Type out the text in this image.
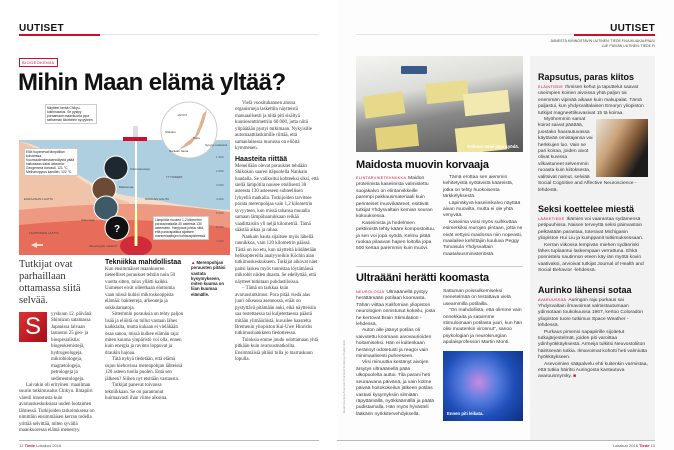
UUTISET
BIOGEOKEMIA
Mihin Maan elämä yltää?
?
JAPANI
Shikoku
Tokio
Nankain hauta
Syvyys metreinä
1 000
2 000
3 000
4 000
5 000
6 000
7 000
TYYNIMERI
NANKAIN HAUTA
EURAASIAN LAATTA
FILIPPIINIEN LAATTA
Sukkulamatoja
Bakteereja
Arkeoneja
Menestyykö mikään?
Näytteet kerää Chikyu-tutkimusalus. Se pystyy poraamaan maankuorta jopa seitsemän kilometrin syvyyteen.
Eliöt hupenevat lämpötilan kohotessa. Kuumuudenkestoennätystä pitää hallussaan kaksi arkeonia: Geogemma barossii, 121 °C, Methanopyrus kandleri, 122 °C.
Lämpötila nousee 1,2 kilometrin porausmatkalla 30 asteesta 130 asteeseen. Harppaus johtuu siitä, että porauspaikka sijaitsee mannerlaattojen kohtauspisteessä.
Tutkijat ovat parhaillaan ottamassa siitä selvää.
S	yyskuun 12. päivänä Shimizun satamassa Japanissa laivaan lastautui 25 geo- ja biospesialistia: biogeokemistejä, hydrogeologeja, mikrobiologeja, magnetologeja, petrologeja ja sedimentologeja.

Laivakin oli erityinen: maailman suurin tutkimusalus Chikyu. Ilmapiiri väreili innostusta kuin avaruuskeskuksissa uuden luotaimen lähtiessä. Tutkijoiden tarkoituksena on nimittäin ensimmäisen kerran todella yrittää selvittää, miten syvällä maankuoressa elämä menestyy.

Tekniikka mahdollistaa

Kun ensimmäiset maankuoren tieteelliset poraukset tehtiin noin 50 vuotta sitten, tulos yllätti kaikki. Uumenet eivät olleetkaan elottomia vaan niissä kuhisi mikroskooppista elämää: bakteereja, arkeoneja ja sukkulamatoja.

Sittemmin porauksia on tehty paljon lisää ja eliöitä on tullut vastaan lähes kaikkialta, mutta kukaan ei vieläkään osaa sanoa, missä kulkee elämän raja: miten kuuma ympäristö voi olla, ennen kuin energia ja ravinto loppuvat ja draukin hajoaa.

Tätä nykyä tiedetään, että elämä sujuu kiehuvissa merenpohjan lähteissä 120 asteen tuolla puolen. Entä sen jälkeen? Siihen nyt etsitään vastausta.

Tutkijat panevat toivonsa tekniikkaan. Se on parantunut huimaavasti ihan viime aikoina.

▲ Merenpohjan porausten pitäisi vastata kysymykseen, miten kuuma on liian kuumaa elämälle.

Vielä vuosituhannen alussa organismeja laskettiin näytteistä manuaalisesti ja niitä piti sisältyä kuutiosenttimetriin 60 000, jotta niitä ylipäätään pystyi tutkimaan. Nykyisille automaattilaskimille riittää, että samanlaisessa murussa on eliöitä kymmenen.

Haasteita riittää

Meneillään olevat poraukset tehdään Shikokun saaren itäpuolella Nankain haudalla. Se valikoitui kohteeksi siksi, että siellä lämpötila nousee otollisesti 30 asteesta 130 asteeseen suhteellisen lyhyellä matkalla. Tutkijoiden tarvitsee porata merenpohjaa vain 1,2 kilometrin syvyyteen, kun missä tahansa muualla samaan lämpöhaarukkaan reikää vaadittaisiin yli neljä kilometriä. Tämä säästää aikaa ja rahaa.

Nankain hauta sijaitsee myös lähellä rannikkoa, vain 120 kilometrin päässä. Tästä on iso etu, kun näytteitä kiidätetään helikoptereilla analyyseihin Köchin alan tutkimuskeskukseen. Tutkijat aikovat näet paitsi laskea myös tunnistaa löytämänsä mikrobit niiden dnasta. Se edellyttää, että näytteet tutkitaan puhdastiloissa.

– Tämä on tarkkaa kuin avaruustutkimus. Pora pitää viedä alas juuri oikeassa asennossa, eräät on pystyttävä pitämään auki, eikä näytteisiin saa tostettaessa tai kuljetettaessa päästä mitään ylimääräistä, kuvailee haastelta Bremenin yliopiston Kai-Uwe Hinrichs tutkimushankkeen tiedotteessa.

Tuloksia emme joudu odottamaan yhtä pitkään kuin avaruusmatkoilta. Ensimmäisiä pitäisi tulla jo marraskuun lopulla.

12 Tiede Lokakuu 2016
UUTISET
ÄÄNESTÄ KIINNOSTAVIN UUTINEN: TIEDE.FI/UUKUUKAUPAUU
LUE PÄIVÄN UUTINEN: TIEDE.FI
Kelmun voisi jopa syödä.
Maidosta muovin korvaaja

ELINTARVIKETEKNIIKKA Maidon proteiinista kaseiinista valmistettu suojakalvo on elintarvikkeille parempi pakkausmateriaali kuin perinteiset muovikääreet, esittivät tutkijat Yhdysvaltain kemian seuran kokouksessa.

Kaseiinista ja hedelmien pektiinistä tehty kääre kompostoituu, ja sen voi jopa syödä. Kelmu pitää ruokaa pilaavan hapen loitolla jopa 500 kertaa paremmin kuin muovi.

Tämä erottaa sen aiemmin kehitetyistä syötävistä kääreistä, jotka on tehty huokoisesta tärkkelyksestä.

Läpinäkyvä kaseiinikalvo näyttää aivan muovilta, mutta ei ole yhtä venyvää.

Kaseiinia voisi myös suihkuttaa esimerkiksi murojen pintaan, jotta ne eivät vettyisi maidossa niin nopeasti, maalailee kehittäjiin kuuluva Peggy Tomasula Yhdysvaltain maatalousministeriöstä.

Ultraääni herätti koomasta
Kuvat Courtesy American Chemical Society ja Shutterstock

NEUROLOGIA Ultraäänellä pystyy herättämään potilaan koomasta. Tähän viittaa Kalifornian yliopiston neurologien onnistunut kokeilu, josta he kertovat Brain Stimulation -lehdessä.

Auton alle jäänyt potilas oli vaivutettu koomaan aivovaurioiden hoitamiseksi. Hän ei kuitenkaan herännyt odotetusti ja reagoi vain minimaalisesti puheeseen.

Viisi minuuttia kestänyt aivojen ärsytys ultraäänellä pään ulkopuolelta auttoi. Tila parani heti seuraavana päivänä, ja vain kolme päivää hoitokokeilun jälkeen potilas vastasi kysymyksiin silmiään räpyttämällä, nyökkäämällä ja päätä pudistamalla. Hän myös hyvästeli lääkärin nyrkkitervehdyksellä.

Sattuman poissulkemiseksi menetelmää on testattava vielä useammilla potilailla.

”On mahdollista, että olimme vain onnekkaita ja satuimme stimuloimaan potilasta juuri, kun hän olisi muutenkin vironnut”, sanoo psykologian ja neurokirurgian apulaisprofessori Martin Monti.

Ennen piti leikata.
Rapsutus, paras kiitos

ELÄINTIEDE Ihmisen kehut ja taputtelut saavat useimpien koirien aivoissa yhtä paljon tai enemmän vipinää aikaan kuin makupalat. Tämä paljastui, kun yhdysvaltalaisen Emoryn yliopiston tutkijat magneettikuvasivat 15 tä koiraa.

Myöhemmin samat koirat saivat päättää, juostako haarautuvassa käytävää omistajansa vai herkkujen luo. Vain ne pari koiraa, joiden aivot olivat kuvissa vilkastuneet selvemmin ruoasta kuin kiitoksesta, valitsivat namut, selviää Social Cognitive and Affective Neuroscience -lehdestä.

Seksi koettelee miestä

LÄÄKETIEDE Ikämies voi vaarantaa sydämensä petipuuhissa. Naisen terveyttä seksi päinvastoin pelkästään parantaa, totesivat Michiganin yliopiston Hui Liu ja kumppanit tutkimuksessaan.

Kerran viikossa lempivän miehen sydänriski lähes tuplaantui laskempaan verrattuna. Ehkä ponnistelu nautinnon eteen käy iän myötä kovin vaativaksi, arvioivat tutkijat Journal of Health and Social Behavior -lehdessä.

Aurinko lähensi sotaa

AVARUUSSÄÄ Auringon raju purkaus sai Yhdysvaltain ilmavoimat valmistautumaan ydinsotaan toukokuussa 1967, kertoo Coloradon yliopiston tuore tutkimus Space Weather -lehdessä.

Purkaus pimensi napapiirille sijoitetut tutkajärjestelmät, joiden piti varoittaa ydinhyökkäyksestä. Armeija tulkitsi Neuvostoliiton häiritsevän tutkia. Ilmavoimat kohotti heti valmiutta hyökkäykseen.

Asevoimien sääpalvelu ehti kuitenkin varmistaa, että tutkia häiritsi Auringosta kantautuva avaruusmyrsky. ■

Lokakuu 2016 Tiede 13
